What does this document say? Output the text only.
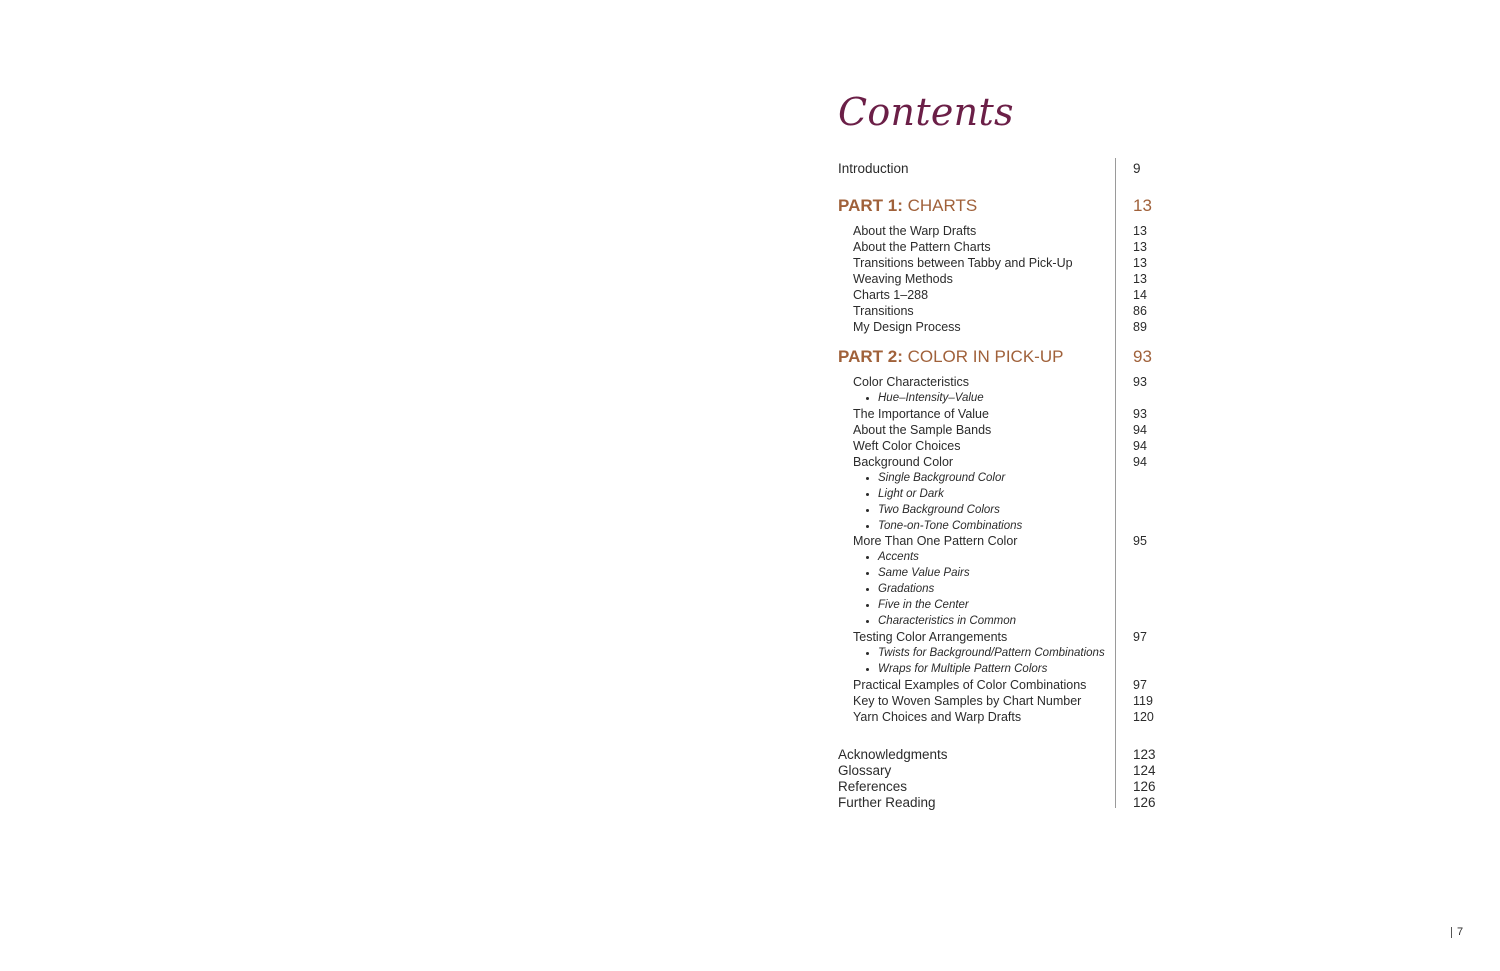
Contents
Introduction	9
PART 1: CHARTS	13
About the Warp Drafts	13
About the Pattern Charts	13
Transitions between Tabby and Pick-Up	13
Weaving Methods	13
Charts 1–288	14
Transitions	86
My Design Process	89
PART 2: COLOR IN PICK-UP	93
Color Characteristics	93
Hue–Intensity–Value
The Importance of Value	93
About the Sample Bands	94
Weft Color Choices	94
Background Color	94
Single Background Color
Light or Dark
Two Background Colors
Tone-on-Tone Combinations
More Than One Pattern Color	95
Accents
Same Value Pairs
Gradations
Five in the Center
Characteristics in Common
Testing Color Arrangements	97
Twists for Background/Pattern Combinations
Wraps for Multiple Pattern Colors
Practical Examples of Color Combinations	97
Key to Woven Samples by Chart Number	119
Yarn Choices and Warp Drafts	120
Acknowledgments	123
Glossary	124
References	126
Further Reading	126
7
